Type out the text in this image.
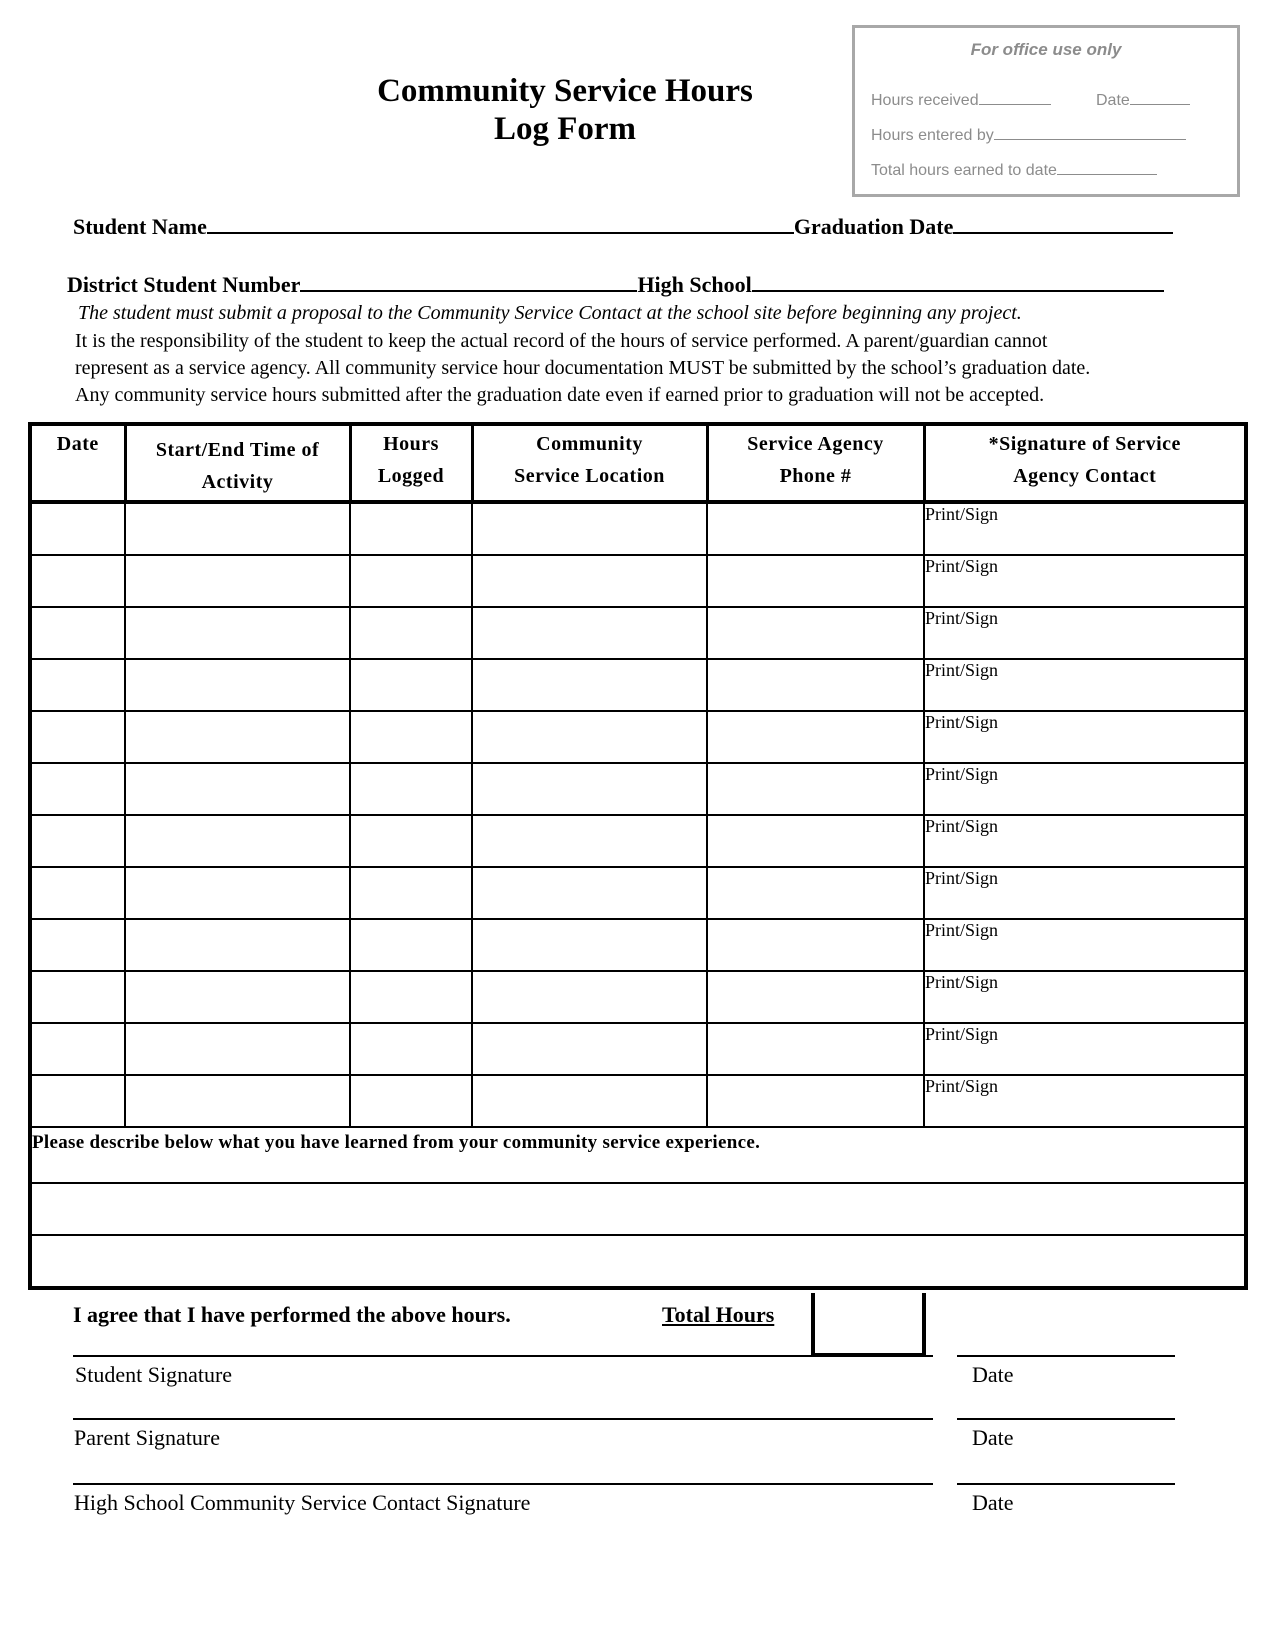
Community Service Hours
Log Form
For office use only
Hours received	Date
Hours entered by
Total hours earned to date
Student Name	Graduation Date
District Student Number	High School
The student must submit a proposal to the Community Service Contact at the school site before beginning any project.
It is the responsibility of the student to keep the actual record of the hours of service performed. A parent/guardian cannot
represent as a service agency. All community service hour documentation MUST be submitted by the school’s graduation date.
Any community service hours submitted after the graduation date even if earned prior to graduation will not be accepted.
Date	Start/End Time of Activity	Hours Logged	Community Service Location	Service Agency Phone #	*Signature of Service Agency Contact
					Print/Sign
					Print/Sign
					Print/Sign
					Print/Sign
					Print/Sign
					Print/Sign
					Print/Sign
					Print/Sign
					Print/Sign
					Print/Sign
					Print/Sign
					Print/Sign
Please describe below what you have learned from your community service experience.					

I agree that I have performed the above hours.	Total Hours
Student Signature	Date
Parent Signature	Date
High School Community Service Contact Signature	Date
